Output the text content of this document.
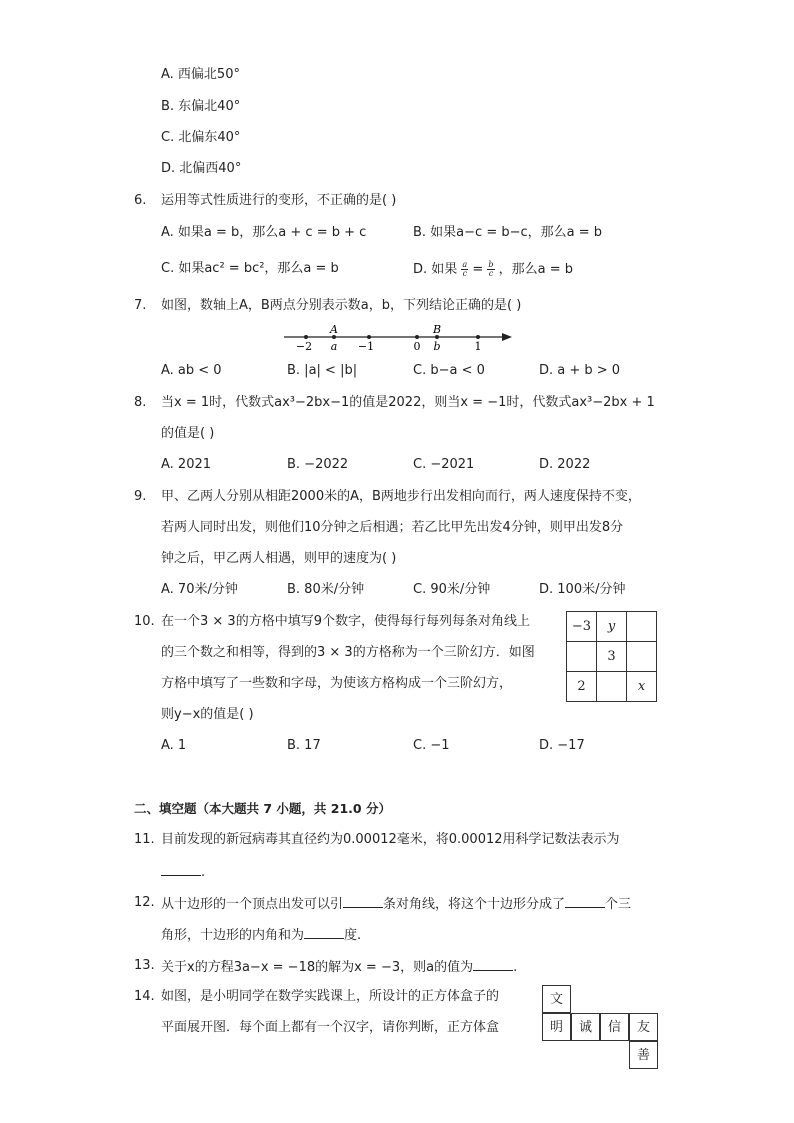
A. 西偏北50°
B. 东偏北40°
C. 北偏东40°
D. 北偏西40°
6. 运用等式性质进行的变形，不正确的是( )
A. 如果a = b，那么a + c = b + c	B. 如果a−c = b−c，那么a = b
C. 如果ac² = bc²，那么a = b	D. 如果 $\frac{a}{c} = \frac{b}{c}$ ，那么a = b
7. 如图，数轴上A，B两点分别表示数a，b，下列结论正确的是( )
A	B
−2 a −1	0 b	1
A. ab < 0	B. |a| < |b|	C. b−a < 0	D. a + b > 0
8. 当x = 1时，代数式ax³−2bx−1的值是2022，则当x = −1时，代数式ax³−2bx + 1
的值是( )
A. 2021	B. −2022	C. −2021	D. 2022
9. 甲、乙两人分别从相距2000米的A，B两地步行出发相向而行，两人速度保持不变，
若两人同时出发，则他们10分钟之后相遇；若乙比甲先出发4分钟，则甲出发8分
钟之后，甲乙两人相遇，则甲的速度为( )
A. 70米/分钟	B. 80米/分钟	C. 90米/分钟	D. 100米/分钟
10. 在一个3 × 3的方格中填写9个数字，使得每行每列每条对角线上
的三个数之和相等，得到的3 × 3的方格称为一个三阶幻方．如图
方格中填写了一些数和字母，为使该方格构成一个三阶幻方，
则y−x的值是( )
−3	y	
	3	
2		x
A. 1	B. 17	C. −1	D. −17
二、填空题（本大题共 7 小题，共 21.0 分）
11. 目前发现的新冠病毒其直径约为0.00012毫米，将0.00012用科学记数法表示为
.
12. 从十边形的一个顶点出发可以引	条对角线，将这个十边形分成了	个三
角形，十边形的内角和为	度.
13. 关于x的方程3a−x = −18的解为x = −3，则a的值为	.
14. 如图，是小明同学在数学实践课上，所设计的正方体盒子的
平面展开图．每个面上都有一个汉字，请你判断，正方体盒
文
明	诚	信	友
善
